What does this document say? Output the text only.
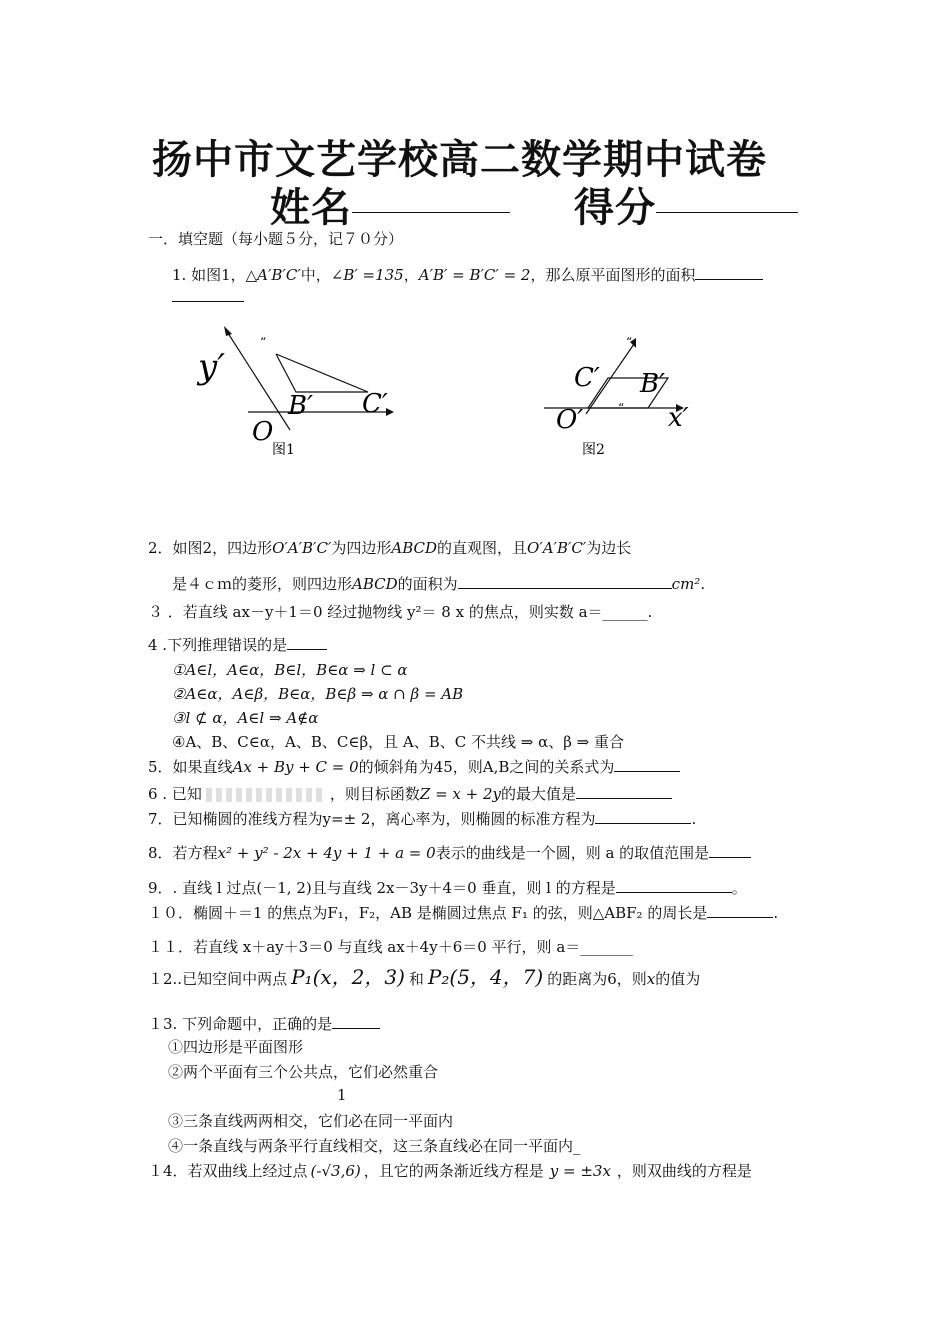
扬中市文艺学校高二数学期中试卷
姓名	得分
一．填空题（每小题５分，记７０分）
1. 如图1，△A′B′C′中，∠B′ =135，A′B′ = B′C′ = 2，那么原平面图形的面积
y′
O
B′ C′
“
图1
C′ B′
O′	x′
“
“
图2
2．如图2，四边形O′A′B′C′为四边形ABCD的直观图，且O′A′B′C′为边长
是４ｃｍ的菱形，则四边形ABCD的面积为	cm²．
３ ．若直线 ax－y＋1＝0 经过抛物线 y²＝ 8 x 的焦点，则实数 a＝______.
4 .下列推理错误的是
①A∈l，A∈α，B∈l，B∈α ⇒ l ⊂ α
②A∈α，A∈β，B∈α，B∈β ⇒ α ∩ β = AB
③l ⊄ α，A∈l ⇒ A∉α
④A、B、C∈α，A、B、C∈β，且 A、B、C 不共线 ⇒ α、β ⇒ 重合
5．如果直线Ax + By + C = 0的倾斜角为45，则A,B之间的关系式为
6 . 已知	，则目标函数Z = x + 2y的最大值是
7．已知椭圆的准线方程为y=± 2，离心率为，则椭圆的标准方程为	.
8．若方程x² + y² - 2x + 4y + 1 + a = 0表示的曲线是一个圆，则 a 的取值范围是
9．. 直线 l 过点(－1, 2)且与直线 2x－3y＋4＝0 垂直，则 l 的方程是	。
１０．椭圆＋＝1 的焦点为F₁，F₂，AB 是椭圆过焦点 F₁ 的弦，则△ABF₂ 的周长是	.
１１．若直线 x＋ay＋3＝0 与直线 ax＋4y＋6＝0 平行，则 a＝_______
１2..已知空间中两点 P₁(x，2，3) 和 P₂(5，4，7) 的距离为6，则x的值为
１3. 下列命题中，正确的是
①四边形是平面图形
②两个平面有三个公共点，它们必然重合
1
③三条直线两两相交，它们必在同一平面内
④一条直线与两条平行直线相交，这三条直线必在同一平面内_
１4．若双曲线上经过点 (-√3,6) ，且它的两条渐近线方程是 y = ±3x ，则双曲线的方程是
